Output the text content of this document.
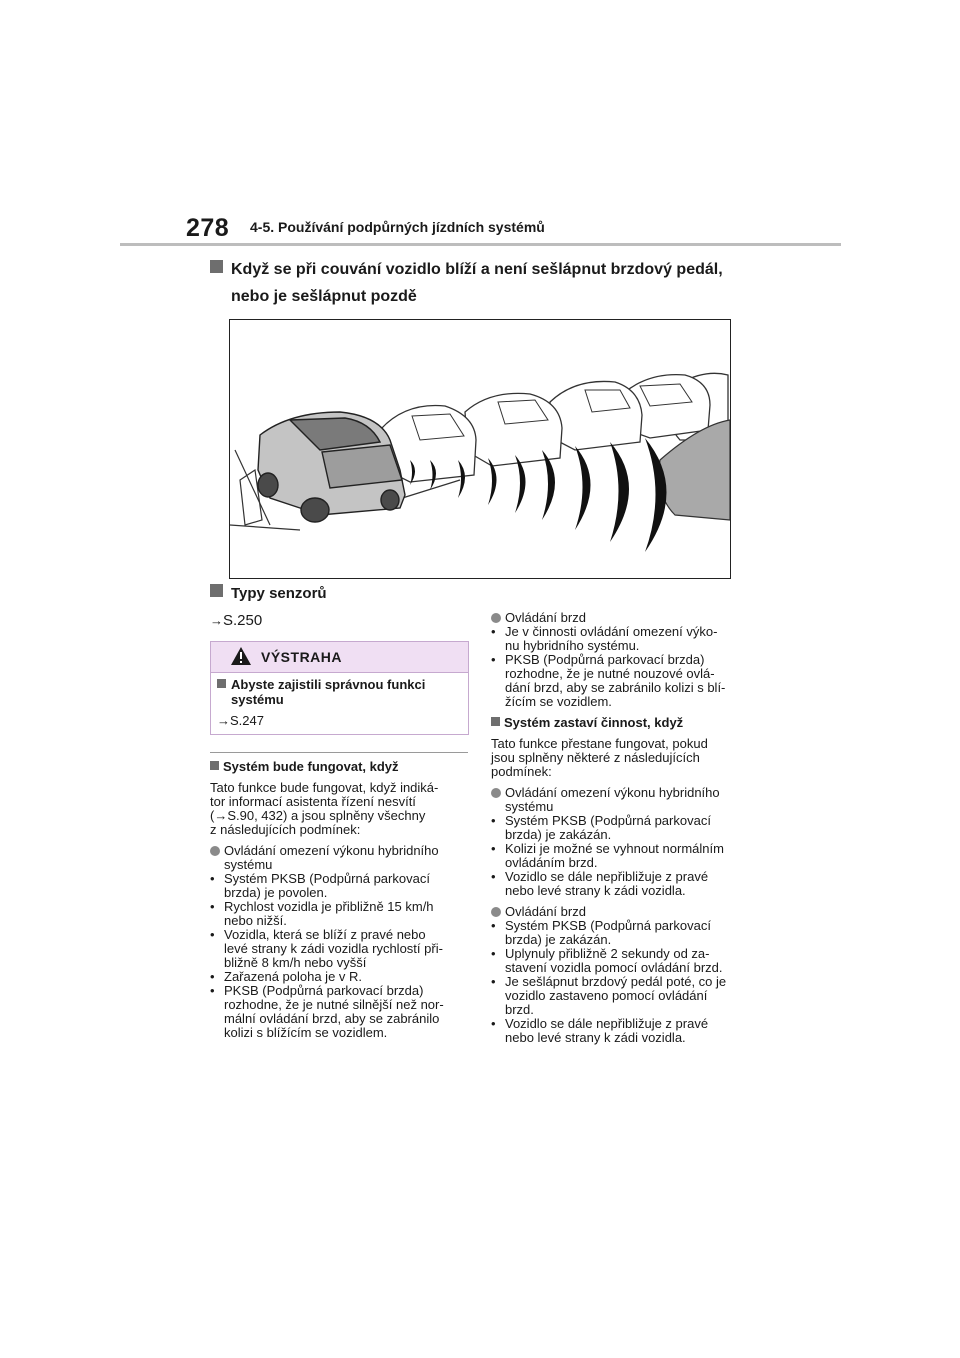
278 4-5. Používání podpůrných jízdních systémů
Když se při couvání vozidlo blíží a není sešlápnut brzdový pedál,
nebo je sešlápnut pozdě
Typy senzorů
→S.250
VÝSTRAHA
Abyste zajistili správnou funkci
systému
→S.247
Systém bude fungovat, když
Tato funkce bude fungovat, když indiká-
tor informací asistenta řízení nesvítí
(→S.90, 432) a jsou splněny všechny
z následujících podmínek:
Ovládání omezení výkonu hybridního
systému
• Systém PKSB (Podpůrná parkovací
brzda) je povolen.
• Rychlost vozidla je přibližně 15 km/h
nebo nižší.
• Vozidla, která se blíží z pravé nebo
levé strany k zádi vozidla rychlostí při-
bližně 8 km/h nebo vyšší
• Zařazená poloha je v R.
• PKSB (Podpůrná parkovací brzda)
rozhodne, že je nutné silnější než nor-
mální ovládání brzd, aby se zabránilo
kolizi s blížícím se vozidlem.
Ovládání brzd
• Je v činnosti ovládání omezení výko-
nu hybridního systému.
• PKSB (Podpůrná parkovací brzda)
rozhodne, že je nutné nouzové ovlá-
dání brzd, aby se zabránilo kolizi s blí-
žícím se vozidlem.
Systém zastaví činnost, když
Tato funkce přestane fungovat, pokud
jsou splněny některé z následujících
podmínek:
Ovládání omezení výkonu hybridního
systému
• Systém PKSB (Podpůrná parkovací
brzda) je zakázán.
• Kolizi je možné se vyhnout normálním
ovládáním brzd.
• Vozidlo se dále nepřibližuje z pravé
nebo levé strany k zádi vozidla.
Ovládání brzd
• Systém PKSB (Podpůrná parkovací
brzda) je zakázán.
• Uplynuly přibližně 2 sekundy od za-
stavení vozidla pomocí ovládání brzd.
• Je sešlápnut brzdový pedál poté, co je
vozidlo zastaveno pomocí ovládání
brzd.
• Vozidlo se dále nepřibližuje z pravé
nebo levé strany k zádi vozidla.
